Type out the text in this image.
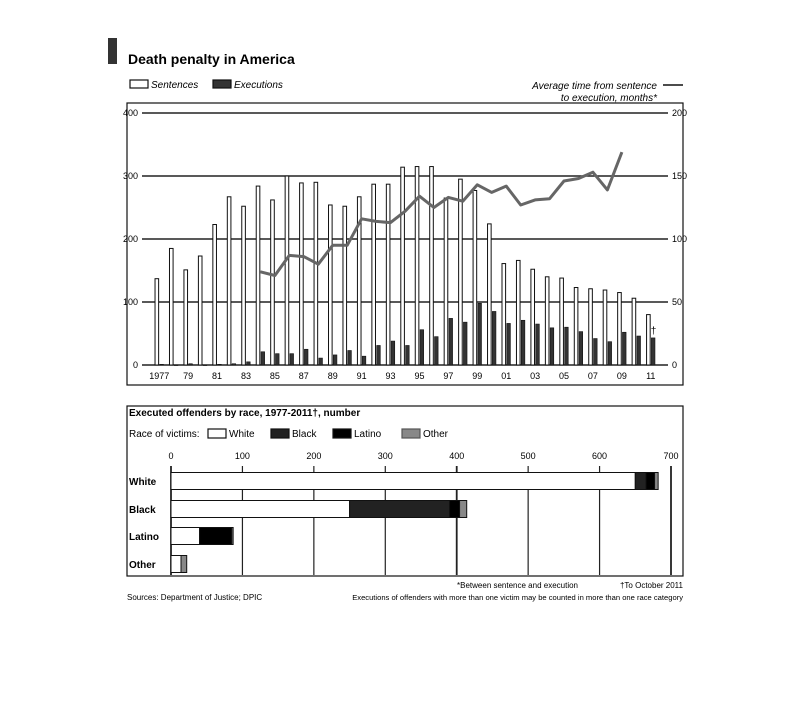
Death penalty in America
Sentences	Executions	Average time from sentence
to execution, months*
0
100
200
300
400
0
50
100
150
200
†
1977 79 81 83 85 87 89 91 93 95 97 99 01 03 05 07 09 11
Executed offenders by race, 1977-2011†, number
Race of victims:	White	Black	Latino	Other
0	100	200	300	400	500	600	700
White
Black
Latino
Other
*Between sentence and execution	†To October 2011
Sources: Department of Justice; DPIC	Executions of offenders with more than one victim may be counted in more than one race category
